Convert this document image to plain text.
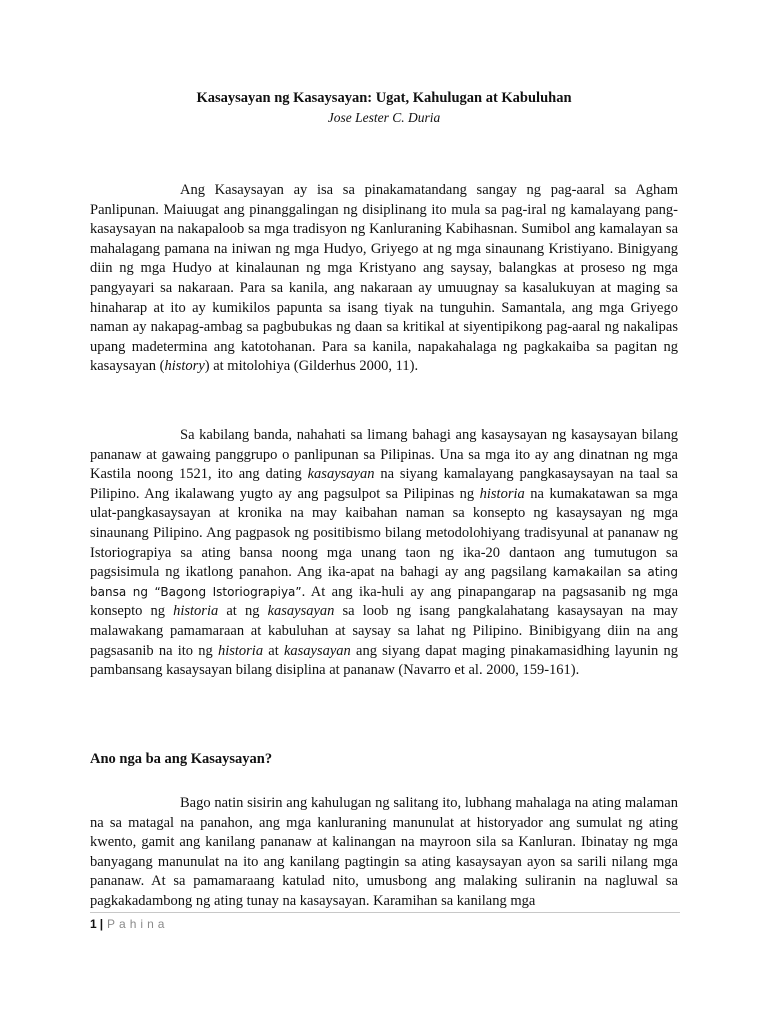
Kasaysayan ng Kasaysayan: Ugat, Kahulugan at Kabuluhan
Jose Lester C. Duria

Ang Kasaysayan ay isa sa pinakamatandang sangay ng pag-aaral sa Agham Panlipunan. Maiuugat ang pinanggalingan ng disiplinang ito mula sa pag-iral ng kamalayang pang-kasaysayan na nakapaloob sa mga tradisyon ng Kanluraning Kabihasnan. Sumibol ang kamalayan sa mahalagang pamana na iniwan ng mga Hudyo, Griyego at ng mga sinaunang Kristiyano. Binigyang diin ng mga Hudyo at kinalaunan ng mga Kristyano ang saysay, balangkas at proseso ng mga pangyayari sa nakaraan. Para sa kanila, ang nakaraan ay umuugnay sa kasalukuyan at maging sa hinaharap at ito ay kumikilos papunta sa isang tiyak na tunguhin. Samantala, ang mga Griyego naman ay nakapag-ambag sa pagbubukas ng daan sa kritikal at siyentipikong pag-aaral ng nakalipas upang madetermina ang katotohanan. Para sa kanila, napakahalaga ng pagkakaiba sa pagitan ng kasaysayan (history) at mitolohiya (Gilderhus 2000, 11).

Sa kabilang banda, nahahati sa limang bahagi ang kasaysayan ng kasaysayan bilang pananaw at gawaing panggrupo o panlipunan sa Pilipinas. Una sa mga ito ay ang dinatnan ng mga Kastila noong 1521, ito ang dating kasaysayan na siyang kamalayang pangkasaysayan na taal sa Pilipino. Ang ikalawang yugto ay ang pagsulpot sa Pilipinas ng historia na kumakatawan sa mga ulat-pangkasaysayan at kronika na may kaibahan naman sa konsepto ng kasaysayan ng mga sinaunang Pilipino. Ang pagpasok ng positibismo bilang metodolohiyang tradisyunal at pananaw ng Istoriograpiya sa ating bansa noong mga unang taon ng ika-20 dantaon ang tumutugon sa pagsisimula ng ikatlong panahon. Ang ika-apat na bahagi ay ang pagsilang kamakailan sa ating bansa ng “Bagong Istoriograpiya”. At ang ika-huli ay ang pinapangarap na pagsasanib ng mga konsepto ng historia at ng kasaysayan sa loob ng isang pangkalahatang kasaysayan na may malawakang pamamaraan at kabuluhan at saysay sa lahat ng Pilipino. Binibigyang diin na ang pagsasanib na ito ng historia at kasaysayan ang siyang dapat maging pinakamasidhing layunin ng pambansang kasaysayan bilang disiplina at pananaw (Navarro et al. 2000, 159-161).

Ano nga ba ang Kasaysayan?

Bago natin sisirin ang kahulugan ng salitang ito, lubhang mahalaga na ating malaman na sa matagal na panahon, ang mga kanluraning manunulat at historyador ang sumulat ng ating kwento, gamit ang kanilang pananaw at kalinangan na mayroon sila sa Kanluran. Ibinatay ng mga banyagang manunulat na ito ang kanilang pagtingin sa ating kasaysayan ayon sa sarili nilang mga pananaw. At sa pamamaraang katulad nito, umusbong ang malaking suliranin na nagluwal sa pagkakadambong ng ating tunay na kasaysayan. Karamihan sa kanilang mga

1 | Pahina
